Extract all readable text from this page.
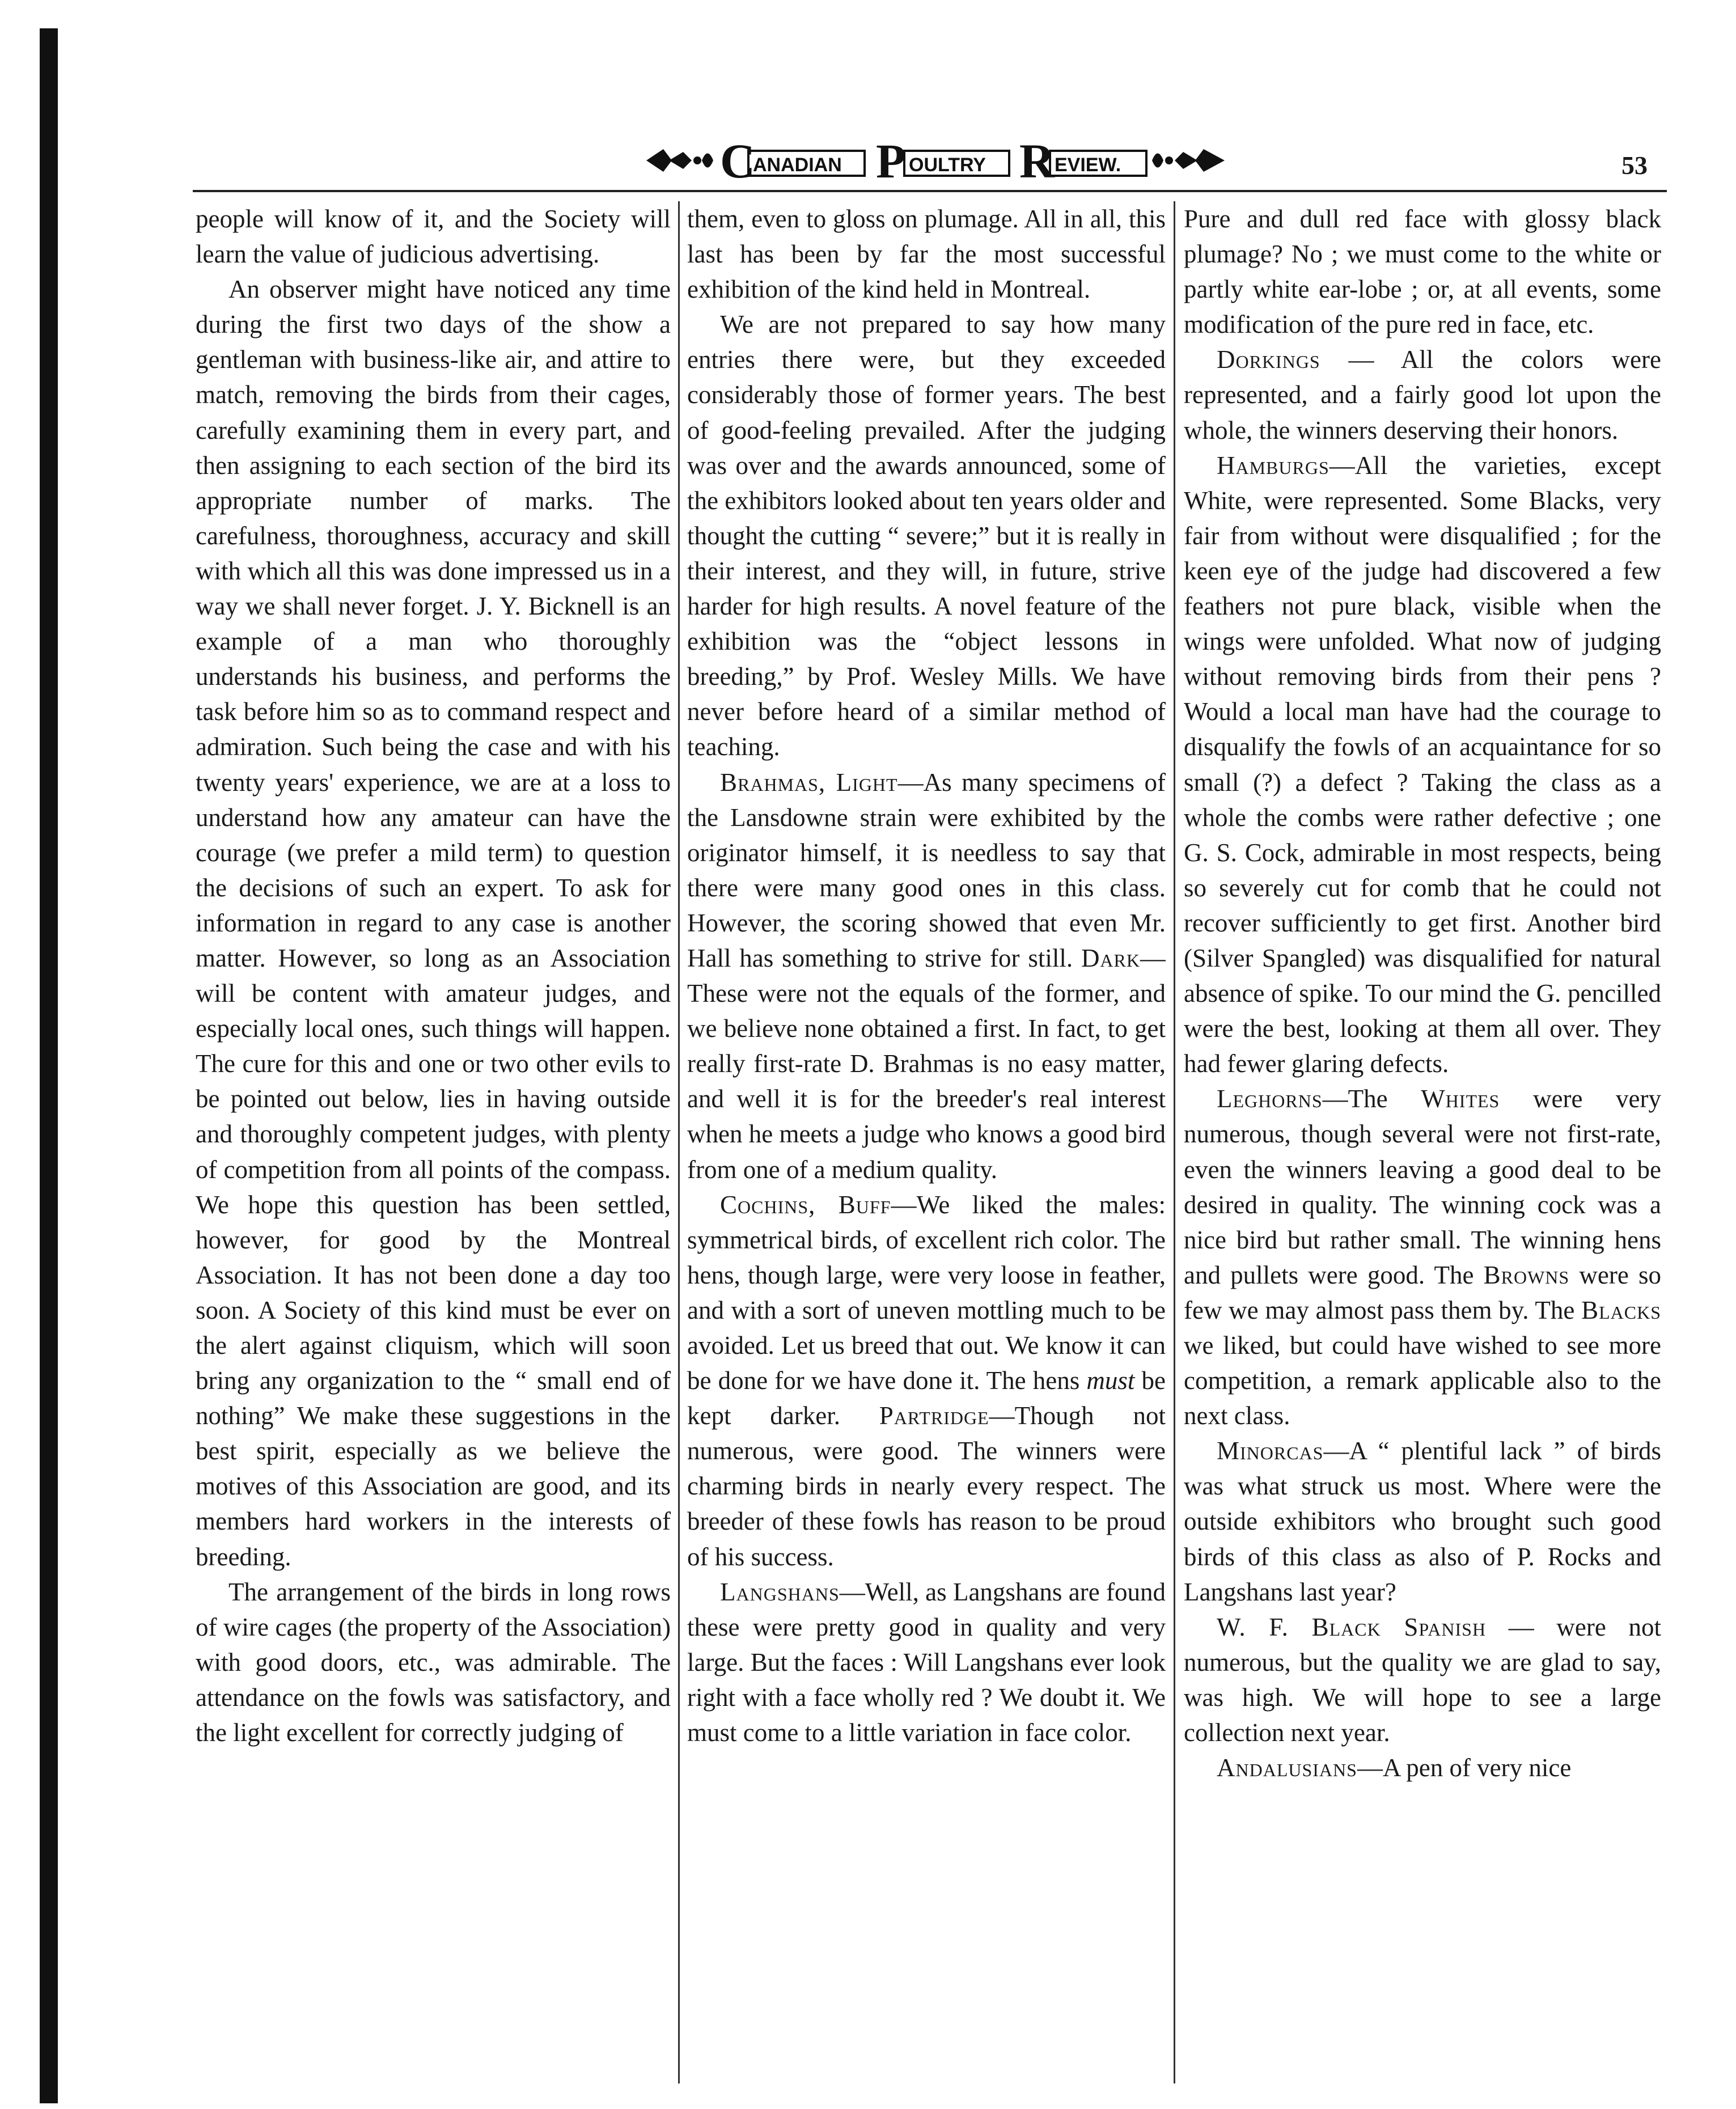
C
ANADIAN P OULTRY R EVIEW.	53

people will know of it, and the Society will learn the value of judicious advertising.

An observer might have noticed any time during the first two days of the show a gentleman with business-like air, and attire to match, removing the birds from their cages, carefully examining them in every part, and then assigning to each section of the bird its appropriate number of marks. The carefulness, thoroughness, accuracy and skill with which all this was done impressed us in a way we shall never forget. J. Y. Bicknell is an example of a man who thoroughly understands his business, and performs the task before him so as to command respect and admiration. Such being the case and with his twenty years' experience, we are at a loss to understand how any amateur can have the courage (we prefer a mild term) to question the decisions of such an expert. To ask for information in regard to any case is another matter. However, so long as an Association will be content with amateur judges, and especially local ones, such things will happen. The cure for this and one or two other evils to be pointed out below, lies in having outside and thoroughly competent judges, with plenty of competition from all points of the compass. We hope this question has been settled, however, for good by the Montreal Association. It has not been done a day too soon. A Society of this kind must be ever on the alert against cliquism, which will soon bring any organization to the “ small end of nothing” We make these suggestions in the best spirit, especially as we believe the motives of this Association are good, and its members hard workers in the interests of breeding.

The arrangement of the birds in long rows of wire cages (the property of the Association) with good doors, etc., was admirable. The attendance on the fowls was satisfactory, and the light excellent for correctly judging of

them, even to gloss on plumage. All in all, this last has been by far the most successful exhibition of the kind held in Montreal.

We are not prepared to say how many entries there were, but they exceeded considerably those of former years. The best of good-feeling prevailed. After the judging was over and the awards announced, some of the exhibitors looked about ten years older and thought the cutting “ severe;” but it is really in their interest, and they will, in future, strive harder for high results. A novel feature of the exhibition was the “object lessons in breeding,” by Prof. Wesley Mills. We have never before heard of a similar method of teaching.

Brahmas, Light—As many specimens of the Lansdowne strain were exhibited by the originator himself, it is needless to say that there were many good ones in this class. However, the scoring showed that even Mr. Hall has something to strive for still. Dark—These were not the equals of the former, and we believe none obtained a first. In fact, to get really first-rate D. Brahmas is no easy matter, and well it is for the breeder's real interest when he meets a judge who knows a good bird from one of a medium quality.

Cochins, Buff—We liked the males: symmetrical birds, of excellent rich color. The hens, though large, were very loose in feather, and with a sort of uneven mottling much to be avoided. Let us breed that out. We know it can be done for we have done it. The hens must be kept darker. Partridge—Though not numerous, were good. The winners were charming birds in nearly every respect. The breeder of these fowls has reason to be proud of his success.

Langshans—Well, as Langshans are found these were pretty good in quality and very large. But the faces : Will Langshans ever look right with a face wholly red ? We doubt it. We must come to a little variation in face color.

Pure and dull red face with glossy black plumage? No ; we must come to the white or partly white ear-lobe ; or, at all events, some modification of the pure red in face, etc.

Dorkings — All the colors were represented, and a fairly good lot upon the whole, the winners deserving their honors.

Hamburgs—All the varieties, except White, were represented. Some Blacks, very fair from without were disqualified ; for the keen eye of the judge had discovered a few feathers not pure black, visible when the wings were unfolded. What now of judging without removing birds from their pens ? Would a local man have had the courage to disqualify the fowls of an acquaintance for so small (?) a defect ? Taking the class as a whole the combs were rather defective ; one G. S. Cock, admirable in most respects, being so severely cut for comb that he could not recover sufficiently to get first. Another bird (Silver Spangled) was disqualified for natural absence of spike. To our mind the G. pencilled were the best, looking at them all over. They had fewer glaring defects.

Leghorns—The Whites were very numerous, though several were not first-rate, even the winners leaving a good deal to be desired in quality. The winning cock was a nice bird but rather small. The winning hens and pullets were good. The Browns were so few we may almost pass them by. The Blacks we liked, but could have wished to see more competition, a remark applicable also to the next class.

Minorcas—A “ plentiful lack ” of birds was what struck us most. Where were the outside exhibitors who brought such good birds of this class as also of P. Rocks and Langshans last year?

W. F. Black Spanish — were not numerous, but the quality we are glad to say, was high. We will hope to see a large collection next year.

Andalusians—A pen of very nice
